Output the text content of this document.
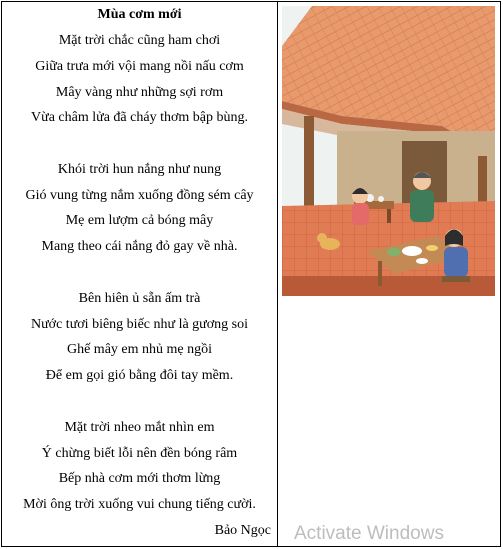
Mùa cơm mới
Mặt trời chắc cũng ham chơi
Giữa trưa mới vội mang nồi nấu cơm
Mây vàng như những sợi rơm
Vừa châm lửa đã cháy thơm bập bùng.
Khói trời hun nắng như nung
Gió vung từng nắm xuống đồng sém cây
Mẹ em lượm cả bóng mây
Mang theo cái nắng đỏ gay về nhà.
Bên hiên ủ sẵn ấm trà
Nước tươi biêng biếc như là gương soi
Ghế mây em nhủ mẹ ngồi
Để em gọi gió bằng đôi tay mềm.
Mặt trời nheo mắt nhìn em
Ý chừng biết lỗi nên đền bóng râm
Bếp nhà cơm mới thơm lừng
Mời ông trời xuống vui chung tiếng cười.
Bảo Ngọc Activate Windows
